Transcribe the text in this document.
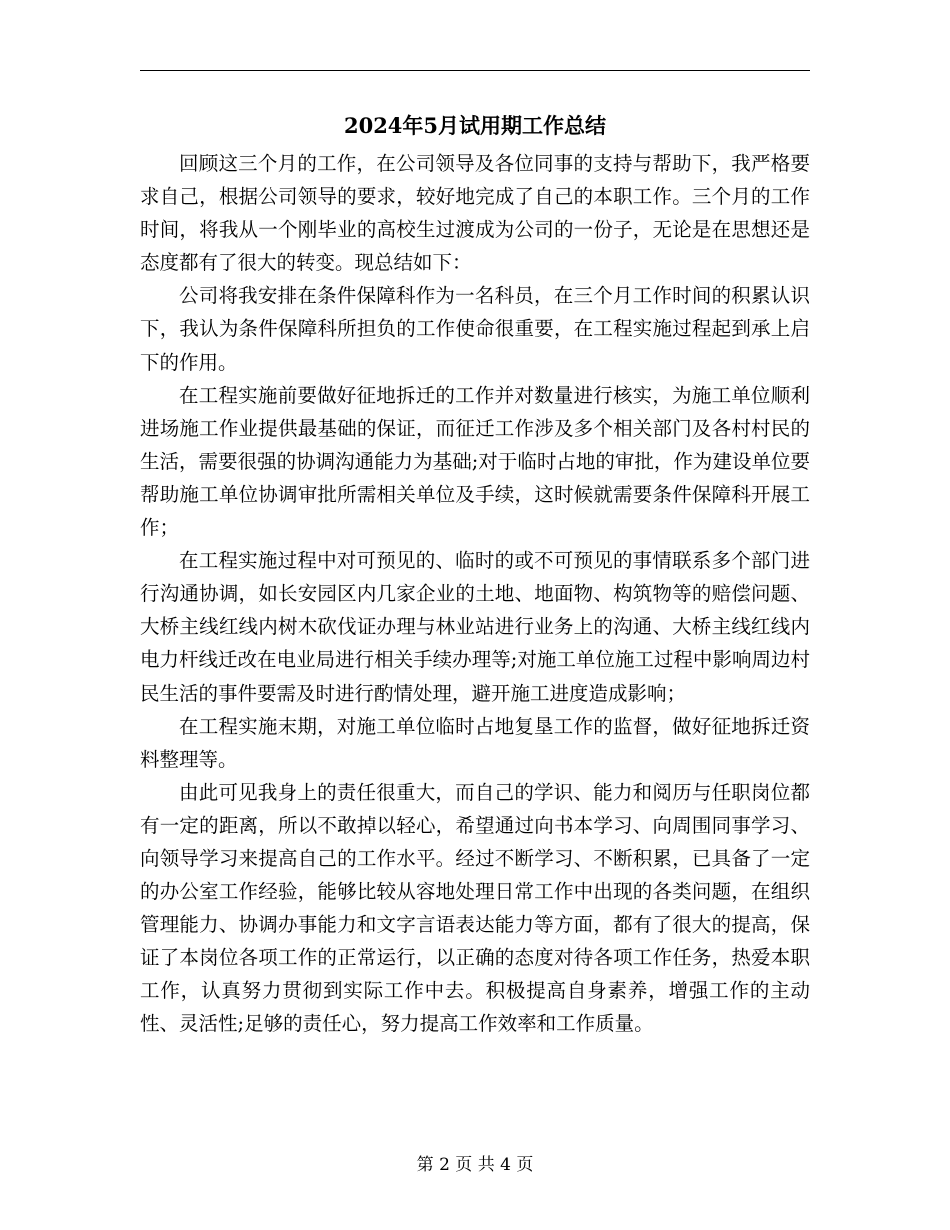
2024年5月试用期工作总结

回顾这三个月的工作，在公司领导及各位同事的支持与帮助下，我严格要求自己，根据公司领导的要求，较好地完成了自己的本职工作。三个月的工作时间，将我从一个刚毕业的高校生过渡成为公司的一份子，无论是在思想还是态度都有了很大的转变。现总结如下：

公司将我安排在条件保障科作为一名科员，在三个月工作时间的积累认识下，我认为条件保障科所担负的工作使命很重要，在工程实施过程起到承上启下的作用。

在工程实施前要做好征地拆迁的工作并对数量进行核实，为施工单位顺利进场施工作业提供最基础的保证，而征迁工作涉及多个相关部门及各村村民的生活，需要很强的协调沟通能力为基础;对于临时占地的审批，作为建设单位要帮助施工单位协调审批所需相关单位及手续，这时候就需要条件保障科开展工作；

在工程实施过程中对可预见的、临时的或不可预见的事情联系多个部门进行沟通协调，如长安园区内几家企业的土地、地面物、构筑物等的赔偿问题、大桥主线红线内树木砍伐证办理与林业站进行业务上的沟通、大桥主线红线内电力杆线迁改在电业局进行相关手续办理等;对施工单位施工过程中影响周边村民生活的事件要需及时进行酌情处理，避开施工进度造成影响；

在工程实施末期，对施工单位临时占地复垦工作的监督，做好征地拆迁资料整理等。

由此可见我身上的责任很重大，而自己的学识、能力和阅历与任职岗位都有一定的距离，所以不敢掉以轻心，希望通过向书本学习、向周围同事学习、向领导学习来提高自己的工作水平。经过不断学习、不断积累，已具备了一定的办公室工作经验，能够比较从容地处理日常工作中出现的各类问题，在组织管理能力、协调办事能力和文字言语表达能力等方面，都有了很大的提高，保证了本岗位各项工作的正常运行，以正确的态度对待各项工作任务，热爱本职工作，认真努力贯彻到实际工作中去。积极提高自身素养，增强工作的主动性、灵活性;足够的责任心，努力提高工作效率和工作质量。

第 2 页 共 4 页
